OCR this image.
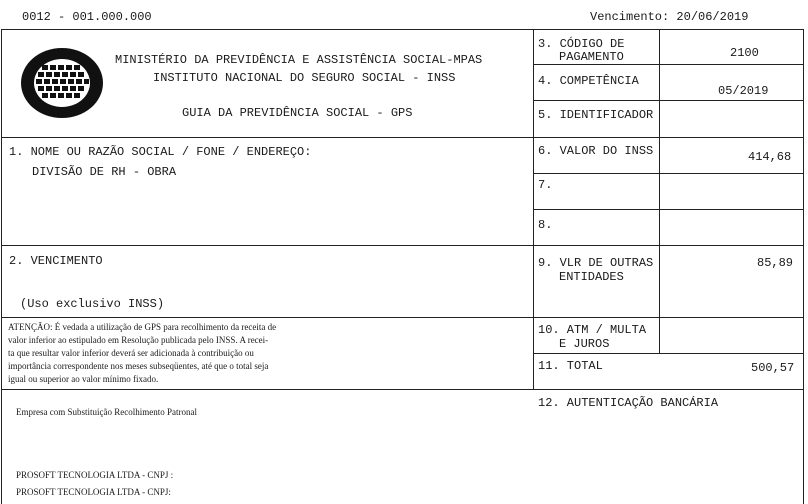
0012 - 001.000.000	Vencimento: 20/06/2019
MINISTÉRIO DA PREVIDÊNCIA E ASSISTÊNCIA SOCIAL-MPAS
INSTITUTO NACIONAL DO SEGURO SOCIAL - INSS
GUIA DA PREVIDÊNCIA SOCIAL - GPS
3. CÓDIGO DE
PAGAMENTO	2100
4. COMPETÊNCIA
05/2019
5. IDENTIFICADOR
6. VALOR DO INSS	414,68
7.
8.
9. VLR DE OUTRAS
ENTIDADES
85,89
10. ATM / MULTA
E JUROS
11. TOTAL	500,57
12. AUTENTICAÇÃO BANCÁRIA
1. NOME OU RAZÃO SOCIAL / FONE / ENDEREÇO:
DIVISÃO DE RH - OBRA
2. VENCIMENTO
(Uso exclusivo INSS)
ATENÇÃO: É vedada a utilização de GPS para recolhimento da receita de
valor inferior ao estipulado em Resolução publicada pelo INSS. A recei-
ta que resultar valor inferior deverá ser adicionada à contribuição ou
importância correspondente nos meses subseqüentes, até que o total seja
igual ou superior ao valor mínimo fixado.
Empresa com Substituição Recolhimento Patronal
PROSOFT TECNOLOGIA LTDA - CNPJ :
PROSOFT TECNOLOGIA LTDA - CNPJ:
